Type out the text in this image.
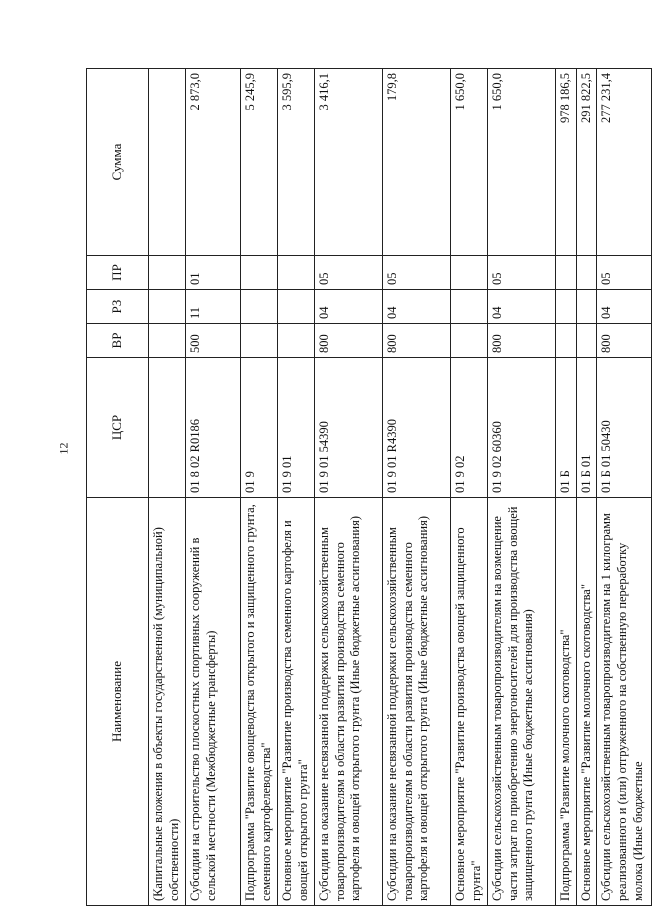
12
Наименование	ЦСР	ВР	РЗ	ПР	Сумма
(Капитальные вложения в объекты государственной (муниципальной) собственности)					
Субсидии на строительство плоскостных спортивных сооружений в сельской местности (Межбюджетные трансферты)	01 8 02 R0186	500	11	01	2 873,0
Подпрограмма "Развитие овощеводства открытого и защищенного грунта, семенного картофелеводства"	01 9				5 245,9
Основное мероприятие "Развитие производства семенного картофеля и овощей открытого грунта"	01 9 01				3 595,9
Субсидии на оказание несвязанной поддержки сельскохозяйственным товаропроизводителям в области развития производства семенного картофеля и овощей открытого грунта (Иные бюджетные ассигнования)	01 9 01 54390	800	04	05	3 416,1
Субсидии на оказание несвязанной поддержки сельскохозяйственным товаропроизводителям в области развития производства семенного картофеля и овощей открытого грунта (Иные бюджетные ассигнования)	01 9 01 R4390	800	04	05	179,8
Основное мероприятие "Развитие производства овощей защищенного грунта"	01 9 02				1 650,0
Субсидии сельскохозяйственным товаропроизводителям на возмещение части затрат по приобретению энергоносителей для производства овощей защищенного грунта (Иные бюджетные ассигнования)	01 9 02 60360	800	04	05	1 650,0
Подпрограмма "Развитие молочного скотоводства"	01 Б				978 186,5
Основное мероприятие "Развитие молочного скотоводства"	01 Б 01				291 822,5
Субсидии сельскохозяйственным товаропроизводителям на 1 килограмм реализованного и (или) отгруженного на собственную переработку молока (Иные бюджетные	01 Б 01 50430	800	04	05	277 231,4
